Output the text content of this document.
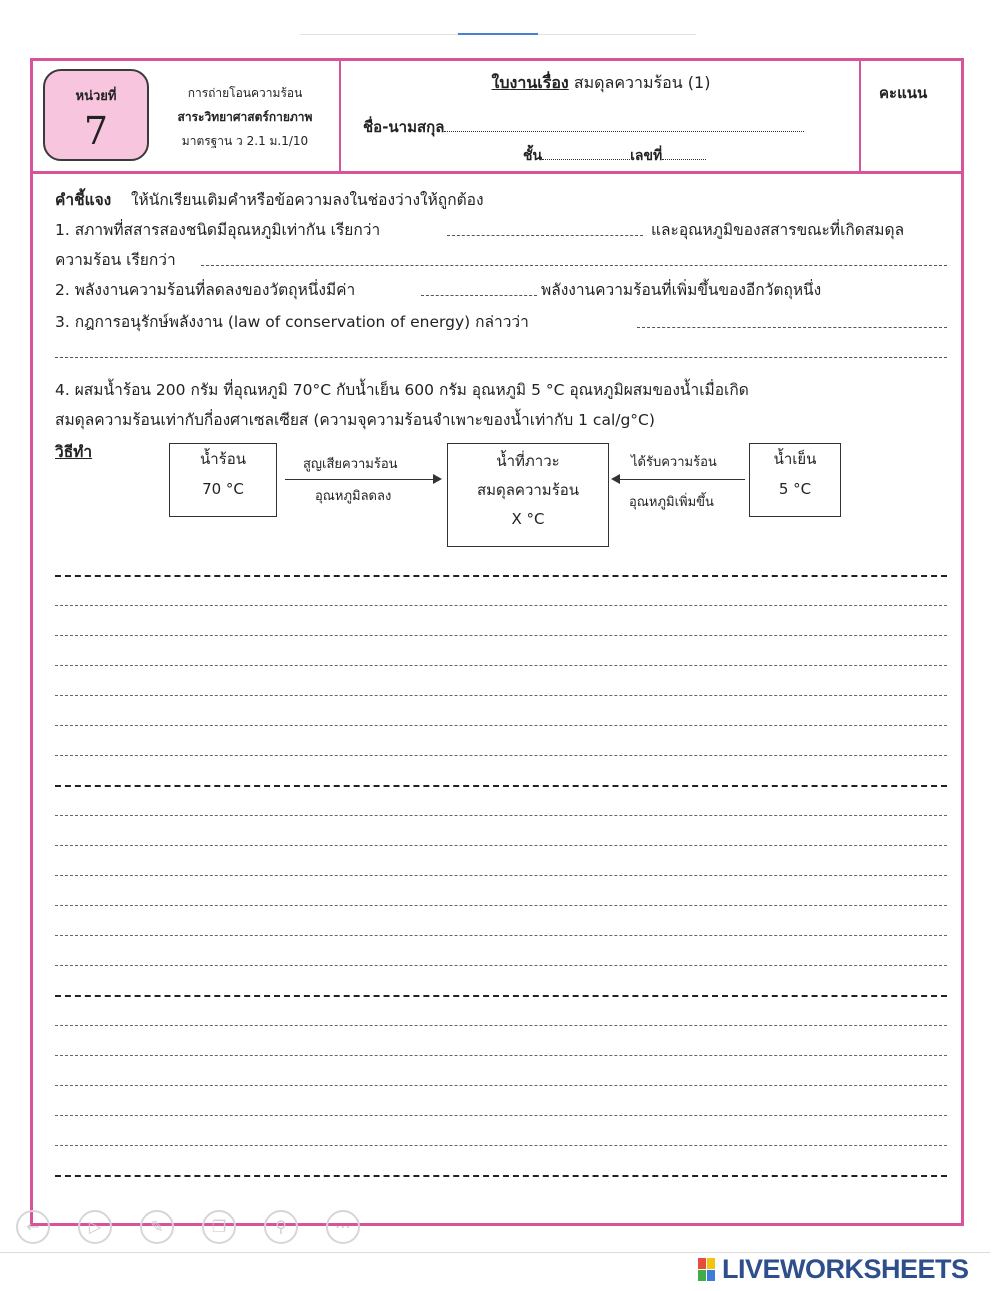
หน่วยที่
7
การถ่ายโอนความร้อน
สาระวิทยาศาสตร์กายภาพ
มาตรฐาน ว 2.1 ม.1/10
ใบงานเรื่อง สมดุลความร้อน (1)
ชื่อ-นามสกุล
ชั้น	เลขที่
คะแนน
คำชี้แจง ให้นักเรียนเติมคำหรือข้อความลงในช่องว่างให้ถูกต้อง
1. สภาพที่สสารสองชนิดมีอุณหภูมิเท่ากัน เรียกว่า	และอุณหภูมิของสสารขณะที่เกิดสมดุล
ความร้อน เรียกว่า
2. พลังงานความร้อนที่ลดลงของวัตถุหนึ่งมีค่า	พลังงานความร้อนที่เพิ่มขึ้นของอีกวัตถุหนึ่ง
3. กฎการอนุรักษ์พลังงาน (law of conservation of energy) กล่าวว่า
4. ผสมน้ำร้อน 200 กรัม ที่อุณหภูมิ 70°C กับน้ำเย็น 600 กรัม อุณหภูมิ 5 °C อุณหภูมิผสมของน้ำเมื่อเกิด
สมดุลความร้อนเท่ากับกี่องศาเซลเซียส (ความจุความร้อนจำเพาะของน้ำเท่ากับ 1 cal/g°C)
วิธีทำ	น้ำร้อน
70 °C
สูญเสียความร้อน
อุณหภูมิลดลง
น้ำที่ภาวะ
สมดุลความร้อน
X °C
ได้รับความร้อน
อุณหภูมิเพิ่มขึ้น
น้ำเย็น
5 °C
←	▷	✎	❐	⚲	⋯
LIVEWORKSHEETS
